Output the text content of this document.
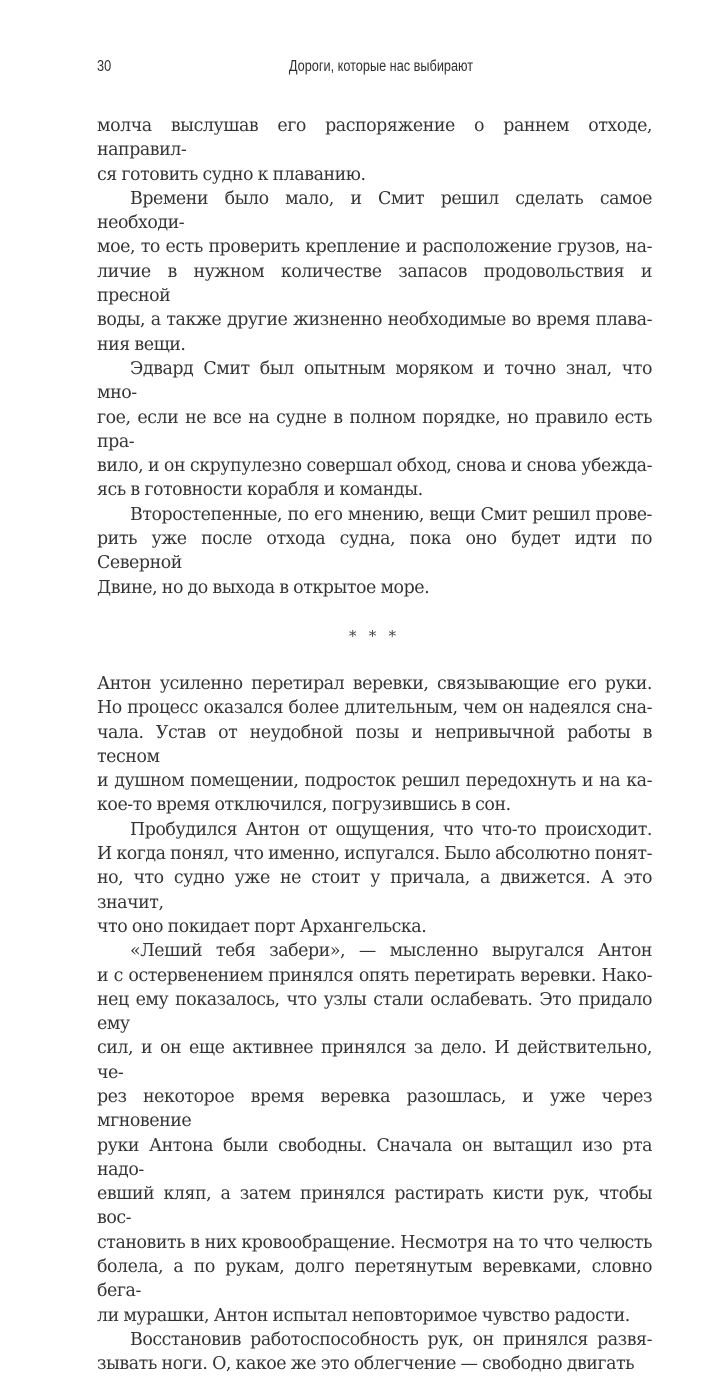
30	Дороги, которые нас выбирают

молча выслушав его распоряжение о раннем отходе, направил-
ся готовить судно к плаванию.

Времени было мало, и Смит решил сделать самое необходи-
мое, то есть проверить крепление и расположение грузов, на-
личие в нужном количестве запасов продовольствия и пресной
воды, а также другие жизненно необходимые во время плава-
ния вещи.

Эдвард Смит был опытным моряком и точно знал, что мно-
гое, если не все на судне в полном порядке, но правило есть пра-
вило, и он скрупулезно совершал обход, снова и снова убежда-
ясь в готовности корабля и команды.

Второстепенные, по его мнению, вещи Смит решил прове-
рить уже после отхода судна, пока оно будет идти по Северной
Двине, но до выхода в открытое море.

* * *

Антон усиленно перетирал веревки, связывающие его руки.
Но процесс оказался более длительным, чем он надеялся сна-
чала. Устав от неудобной позы и непривычной работы в тесном
и душном помещении, подросток решил передохнуть и на ка-
кое-то время отключился, погрузившись в сон.

Пробудился Антон от ощущения, что что-то происходит.
И когда понял, что именно, испугался. Было абсолютно понят-
но, что судно уже не стоит у причала, а движется. А это значит,
что оно покидает порт Архангельска.

«Леший тебя забери», — мысленно выругался Антон
и с остервенением принялся опять перетирать веревки. Нако-
нец ему показалось, что узлы стали ослабевать. Это придало ему
сил, и он еще активнее принялся за дело. И действительно, че-
рез некоторое время веревка разошлась, и уже через мгновение
руки Антона были свободны. Сначала он вытащил изо рта надо-
евший кляп, а затем принялся растирать кисти рук, чтобы вос-
становить в них кровообращение. Несмотря на то что челюсть
болела, а по рукам, долго перетянутым веревками, словно бега-
ли мурашки, Антон испытал неповторимое чувство радости.

Восстановив работоспособность рук, он принялся развя-
зывать ноги. О, какое же это облегчение — свободно двигать
